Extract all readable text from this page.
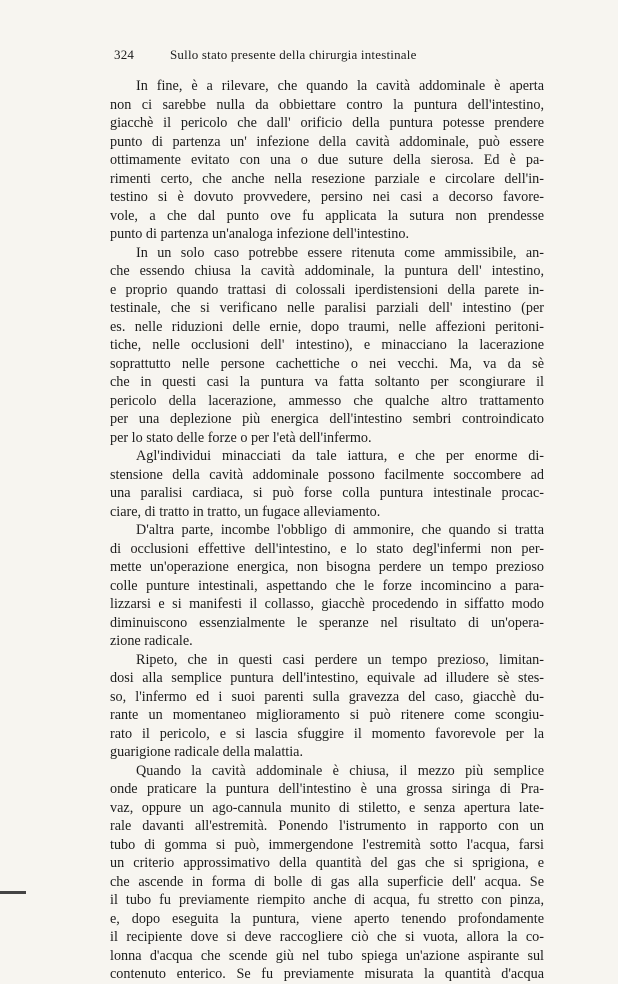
324	Sullo stato presente della chirurgia intestinale
In fine, è a rilevare, che quando la cavità addominale è aperta
non ci sarebbe nulla da obbiettare contro la puntura dell'intestino,
giacchè il pericolo che dall' orificio della puntura potesse prendere
punto di partenza un' infezione della cavità addominale, può essere
ottimamente evitato con una o due suture della sierosa. Ed è pa-
rimenti certo, che anche nella resezione parziale e circolare dell'in-
testino si è dovuto provvedere, persino nei casi a decorso favore-
vole, a che dal punto ove fu applicata la sutura non prendesse
punto di partenza un'analoga infezione dell'intestino.
In un solo caso potrebbe essere ritenuta come ammissibile, an-
che essendo chiusa la cavità addominale, la puntura dell' intestino,
e proprio quando trattasi di colossali iperdistensioni della parete in-
testinale, che si verificano nelle paralisi parziali dell' intestino (per
es. nelle riduzioni delle ernie, dopo traumi, nelle affezioni peritoni-
tiche, nelle occlusioni dell' intestino), e minacciano la lacerazione
soprattutto nelle persone cachettiche o nei vecchi. Ma, va da sè
che in questi casi la puntura va fatta soltanto per scongiurare il
pericolo della lacerazione, ammesso che qualche altro trattamento
per una deplezione più energica dell'intestino sembri controindicato
per lo stato delle forze o per l'età dell'infermo.
Agl'individui minacciati da tale iattura, e che per enorme di-
stensione della cavità addominale possono facilmente soccombere ad
una paralisi cardiaca, si può forse colla puntura intestinale procac-
ciare, di tratto in tratto, un fugace alleviamento.
D'altra parte, incombe l'obbligo di ammonire, che quando si tratta
di occlusioni effettive dell'intestino, e lo stato degl'infermi non per-
mette un'operazione energica, non bisogna perdere un tempo prezioso
colle punture intestinali, aspettando che le forze incomincino a para-
lizzarsi e si manifesti il collasso, giacchè procedendo in siffatto modo
diminuiscono essenzialmente le speranze nel risultato di un'opera-
zione radicale.
Ripeto, che in questi casi perdere un tempo prezioso, limitan-
dosi alla semplice puntura dell'intestino, equivale ad illudere sè stes-
so, l'infermo ed i suoi parenti sulla gravezza del caso, giacchè du-
rante un momentaneo miglioramento si può ritenere come scongiu-
rato il pericolo, e si lascia sfuggire il momento favorevole per la
guarigione radicale della malattia.
Quando la cavità addominale è chiusa, il mezzo più semplice
onde praticare la puntura dell'intestino è una grossa siringa di Pra-
vaz, oppure un ago-cannula munito di stiletto, e senza apertura late-
rale davanti all'estremità. Ponendo l'istrumento in rapporto con un
tubo di gomma si può, immergendone l'estremità sotto l'acqua, farsi
un criterio approssimativo della quantità del gas che si sprigiona, e
che ascende in forma di bolle di gas alla superficie dell' acqua. Se
il tubo fu previamente riempito anche di acqua, fu stretto con pinza,
e, dopo eseguita la puntura, viene aperto tenendo profondamente
il recipiente dove si deve raccogliere ciò che si vuota, allora la co-
lonna d'acqua che scende giù nel tubo spiega un'azione aspirante sul
contenuto enterico. Se fu previamente misurata la quantità d'acqua
